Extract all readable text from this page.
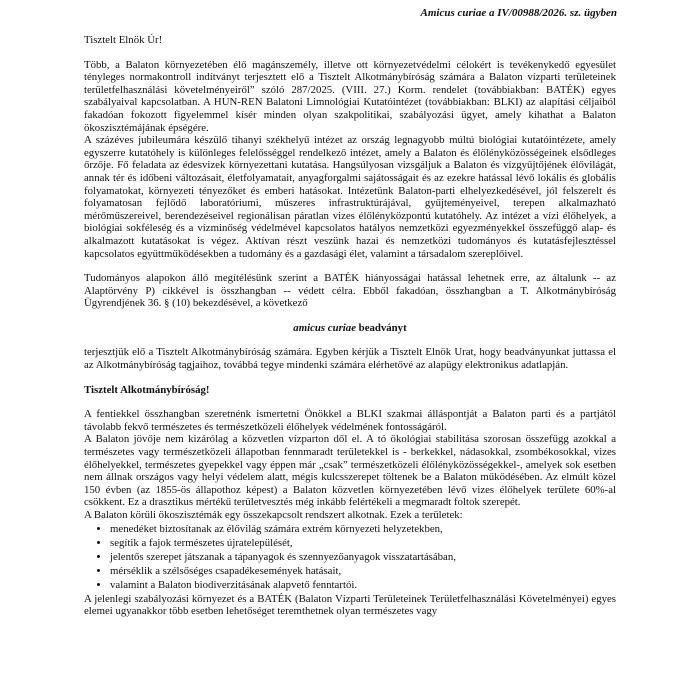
Amicus curiae a IV/00988/2026. sz. ügyben

Tisztelt Elnök Úr!

Több, a Balaton környezetében élő magánszemély, illetve ott környezetvédelmi célokért is tevékenykedő egyesület tényleges normakontroll indítványt terjesztett elő a Tisztelt Alkotmánybíróság számára a Balaton vízparti területeinek területfelhasználási követelményeiről” szóló 287/2025. (VIII. 27.) Korm. rendelet (továbbiakban: BATÉK) egyes szabályaival kapcsolatban. A HUN-REN Balatoni Limnológiai Kutatóintézet (továbbiakban: BLKI) az alapítási céljaiból fakadóan fokozott figyelemmel kísér minden olyan szakpolitikai, szabályozási ügyet, amely kihathat a Balaton ökoszisztémájának épségére.

A százéves jubileumára készülő tihanyi székhelyű intézet az ország legnagyobb múltú biológiai kutatóintézete, amely egyszerre kutatóhely is különleges felelősséggel rendelkező intézet, amely a Balaton és élőlényközösségeinek elsődleges őrzője. Fő feladata az édesvizek környezettani kutatása. Hangsúlyosan vizsgáljuk a Balaton és vízgyűjtőjének élővilágát, annak tér és időbeni változásait, életfolyamatait, anyagforgalmi sajátosságait és az ezekre hatással lévő lokális és globális folyamatokat, környezeti tényezőket és emberi hatásokat. Intézetünk Balaton-parti elhelyezkedésével, jól felszerelt és folyamatosan fejlődő laboratóriumi, műszeres infrastruktúrájával, gyűjteményeivel, terepen alkalmazható mérőműszereivel, berendezéseivel regionálisan páratlan vizes élőlényközpontú kutatóhely. Az intézet a vízi élőhelyek, a biológiai sokféleség és a vízminőség védelmével kapcsolatos hatályos nemzetközi egyezményekkel összefüggő alap- és alkalmazott kutatásokat is végez. Aktívan részt veszünk hazai és nemzetközi tudományos és kutatásfejlesztéssel kapcsolatos együttműködésekben a tudomány és a gazdasági élet, valamint a társadalom szereplőivel.

Tudományos alapokon álló megítélésünk szerint a BATÉK hiányosságai hatással lehetnek erre, az általunk -- az Alaptörvény P) cikkével is összhangban -- védett célra. Ebből fakadóan, összhangban a T. Alkotmánybíróság Ügyrendjének 36. § (10) bekezdésével, a következő

amicus curiae beadványt

terjesztjük elő a Tisztelt Alkotmánybíróság számára. Egyben kérjük a Tisztelt Elnök Urat, hogy beadványunkat juttassa el az Alkotmánybíróság tagjaihoz, továbbá tegye mindenki számára elérhetővé az alapügy elektronikus adatlapján.

Tisztelt Alkotmánybíróság!

A fentiekkel összhangban szeretnénk ismertetni Önökkel a BLKI szakmai álláspontját a Balaton parti és a partjától távolabb fekvő természetes és természetközeli élőhelyek védelmének fontosságáról.

A Balaton jövője nem kizárólag a közvetlen vízparton dől el. A tó ökológiai stabilitása szorosan összefügg azokkal a természetes vagy természetközeli állapotban fennmaradt területekkel is - berkekkel, nádasokkal, zsombékosokkal, vizes élőhelyekkel, természetes gyepekkel vagy éppen már „csak” természetközeli élőlényközösségekkel-, amelyek sok esetben nem állnak országos vagy helyi védelem alatt, mégis kulcsszerepet töltenek be a Balaton működésében. Az elmúlt közel 150 évben (az 1855-ös állapothoz képest) a Balaton közvetlen környezetében lévő vizes élőhelyek területe 60%-al csökkent. Ez a drasztikus mértékű területvesztés még inkább felértékeli a megmaradt foltok szerepét.

A Balaton körüli ökoszisztémák egy összekapcsolt rendszert alkotnak. Ezek a területek:

• menedéket biztosítanak az élővilág számára extrém környezeti helyzetekben,
• segítik a fajok természetes újratelepülését,
• jelentős szerepet játszanak a tápanyagok és szennyezőanyagok visszatartásában,
• mérséklik a szélsőséges csapadékesemények hatásait,
• valamint a Balaton biodiverzitásának alapvető fenntartói.

A jelenlegi szabályozási környezet és a BATÉK (Balaton Vízparti Területeinek Területfelhasználási Követelményei) egyes elemei ugyanakkor több esetben lehetőséget teremthetnek olyan természetes vagy
